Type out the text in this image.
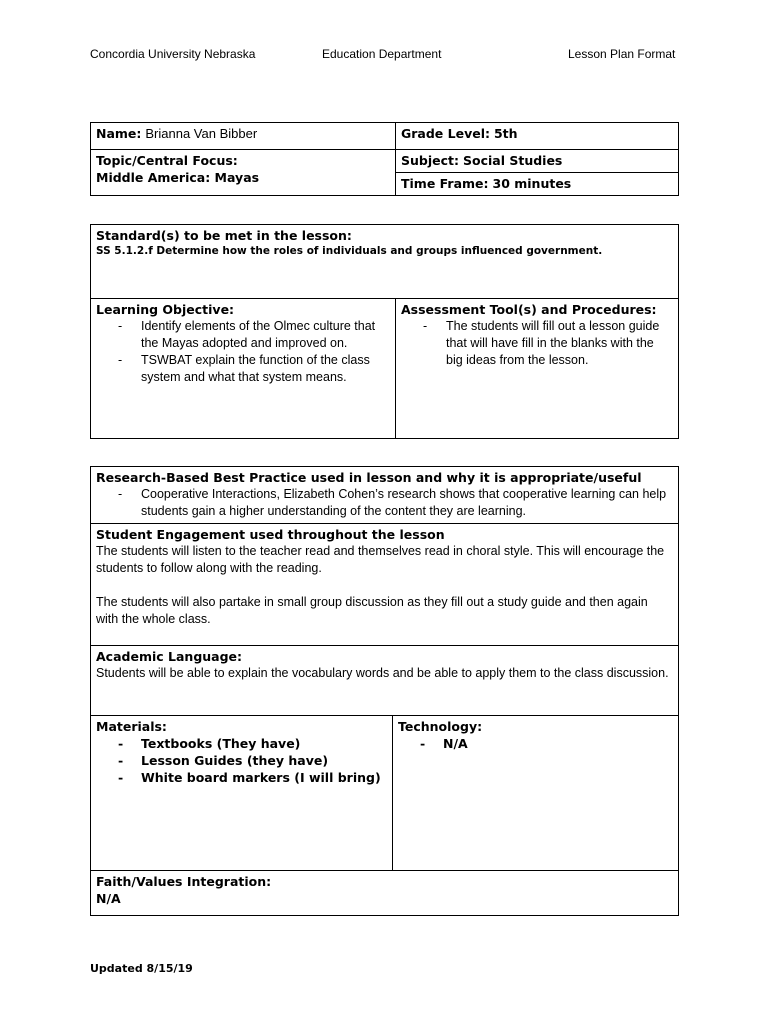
Concordia University Nebraska	Education Department	Lesson Plan Format
Name: Brianna Van Bibber	Grade Level: 5th

Topic/Central Focus:
Middle America: Mayas	Subject: Social Studies
	Time Frame: 30 minutes
Standard(s) to be met in the lesson:
SS 5.1.2.f Determine how the roles of individuals and groups influenced government.

Learning Objective:
- Identify elements of the Olmec culture that the Mayas adopted and improved on.
- TSWBAT explain the function of the class system and what that system means.

Assessment Tool(s) and Procedures:
- The students will fill out a lesson guide that will have fill in the blanks with the big ideas from the lesson.
Research-Based Best Practice used in lesson and why it is appropriate/useful
- Cooperative Interactions, Elizabeth Cohen’s research shows that cooperative learning can help students gain a higher understanding of the content they are learning.

Student Engagement used throughout the lesson

The students will listen to the teacher read and themselves read in choral style. This will encourage the students to follow along with the reading.

The students will also partake in small group discussion as they fill out a study guide and then again with the whole class.

Academic Language:

Students will be able to explain the vocabulary words and be able to apply them to the class discussion.

Materials:
- Textbooks (They have)
- Lesson Guides (they have)
- White board markers (I will bring)

Technology:
- N/A

Faith/Values Integration:
N/A
Updated 8/15/19
